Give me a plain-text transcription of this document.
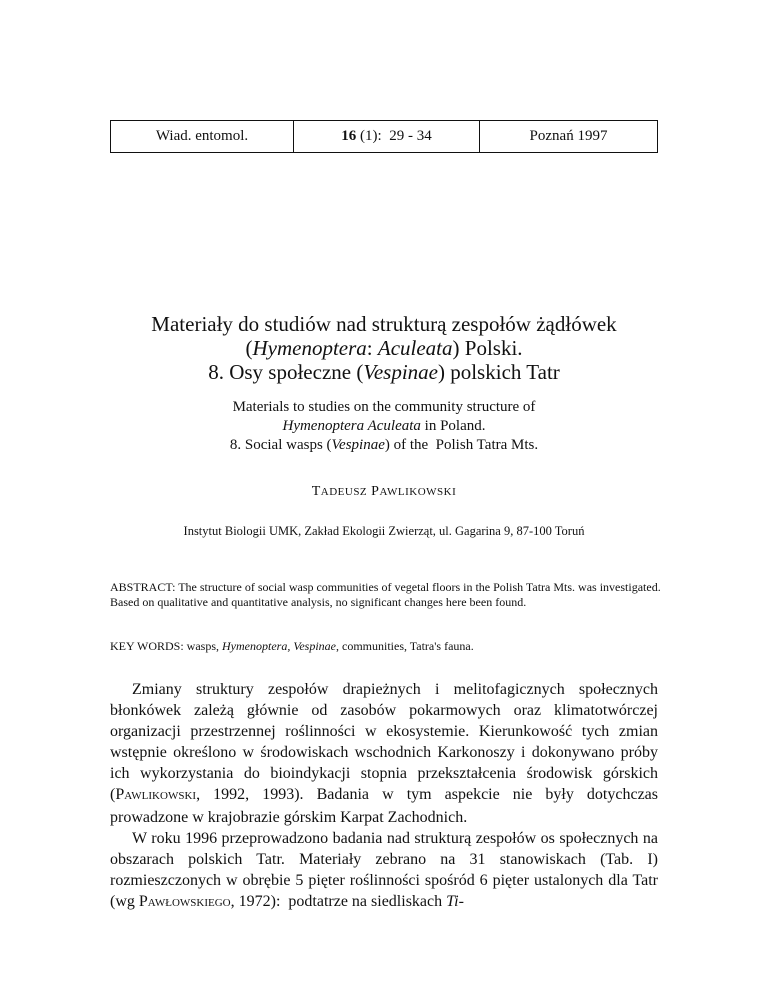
Wiad. entomol.	16 (1):  29 - 34	Poznań 1997
Materiały do studiów nad strukturą zespołów żądłówek
(Hymenoptera: Aculeata) Polski.
8. Osy społeczne (Vespinae) polskich Tatr
Materials to studies on the community structure of
Hymenoptera Aculeata in Poland.
8. Social wasps (Vespinae) of the  Polish Tatra Mts.
TADEUSZ PAWLIKOWSKI
Instytut Biologii UMK, Zakład Ekologii Zwierząt, ul. Gagarina 9, 87-100 Toruń
ABSTRACT: The structure of social wasp communities of vegetal floors in the Polish Tatra Mts. was investigated. Based on qualitative and quantitative analysis, no significant changes here been found.
KEY WORDS: wasps, Hymenoptera, Vespinae, communities, Tatra's fauna.

Zmiany struktury zespołów drapieżnych i melitofagicznych społecznych błonkówek zależą głównie od zasobów pokarmowych oraz klimatotwórczej organizacji przestrzennej roślinności w ekosystemie. Kierunkowość tych zmian wstępnie określono w środowiskach wschodnich Karkonoszy i dokonywano próby ich wykorzystania do bioindykacji stopnia przekształcenia środowisk górskich (PAWLIKOWSKI, 1992, 1993). Badania w tym aspekcie nie były dotychczas prowadzone w krajobrazie górskim Karpat Zachodnich.

W roku 1996 przeprowadzono badania nad strukturą zespołów os społecznych na obszarach polskich Tatr. Materiały zebrano na 31 stanowiskach (Tab. I) rozmieszczonych w obrębie 5 pięter roślinności spośród 6 pięter ustalonych dla Tatr (wg PAWŁOWSKIEGO, 1972):  podtatrze na siedliskach Ti-
